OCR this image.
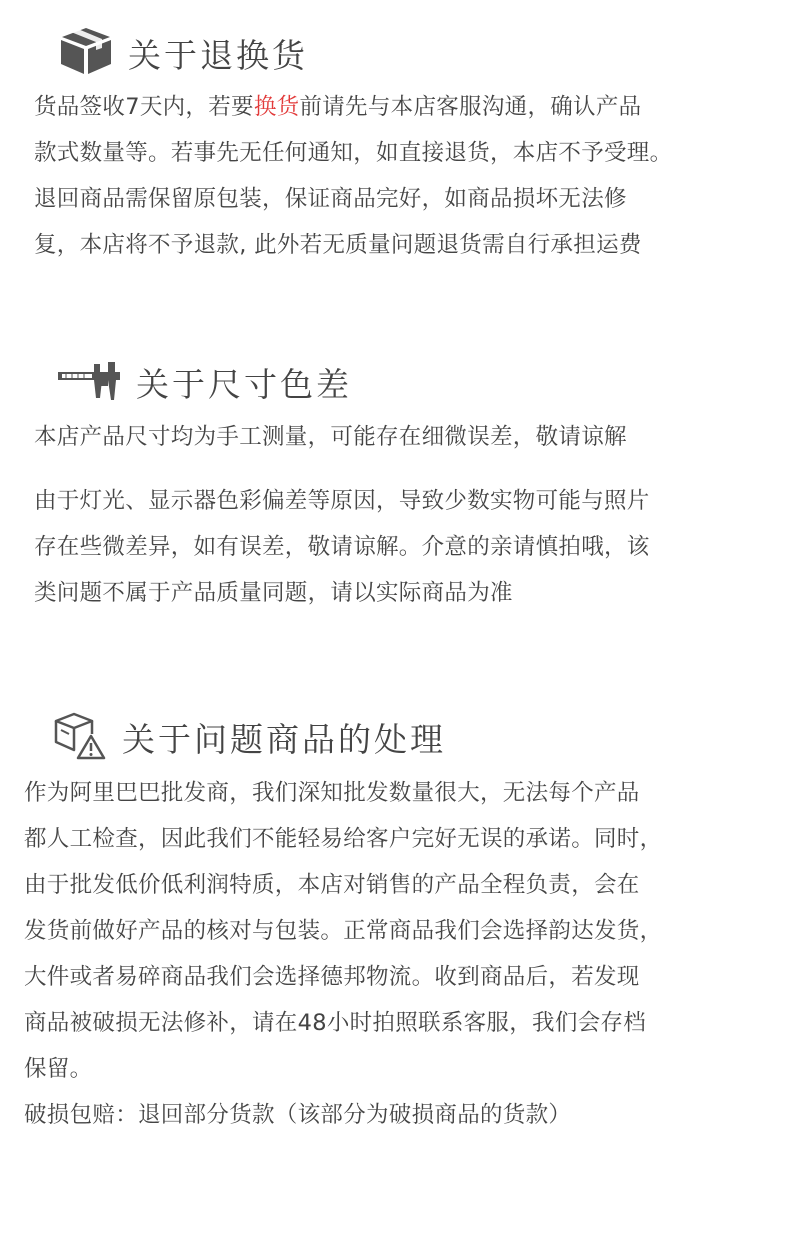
关于退换货
货品签收7天内，若要换货前请先与本店客服沟通，确认产品
款式数量等。若事先无任何通知，如直接退货，本店不予受理。
退回商品需保留原包装，保证商品完好，如商品损坏无法修
复，本店将不予退款, 此外若无质量问题退货需自行承担运费
关于尺寸色差
本店产品尺寸均为手工测量，可能存在细微误差，敬请谅解
由于灯光、显示器色彩偏差等原因，导致少数实物可能与照片
存在些微差异，如有误差，敬请谅解。介意的亲请慎拍哦，该
类问题不属于产品质量同题，请以实际商品为准
关于问题商品的处理
作为阿里巴巴批发商，我们深知批发数量很大，无法每个产品
都人工检查，因此我们不能轻易给客户完好无误的承诺。同时，
由于批发低价低利润特质，本店对销售的产品全程负责，会在
发货前做好产品的核对与包装。正常商品我们会选择韵达发货，
大件或者易碎商品我们会选择德邦物流。收到商品后，若发现
商品被破损无法修补，请在48小时拍照联系客服，我们会存档
保留。
破损包赔：退回部分货款（该部分为破损商品的货款）
